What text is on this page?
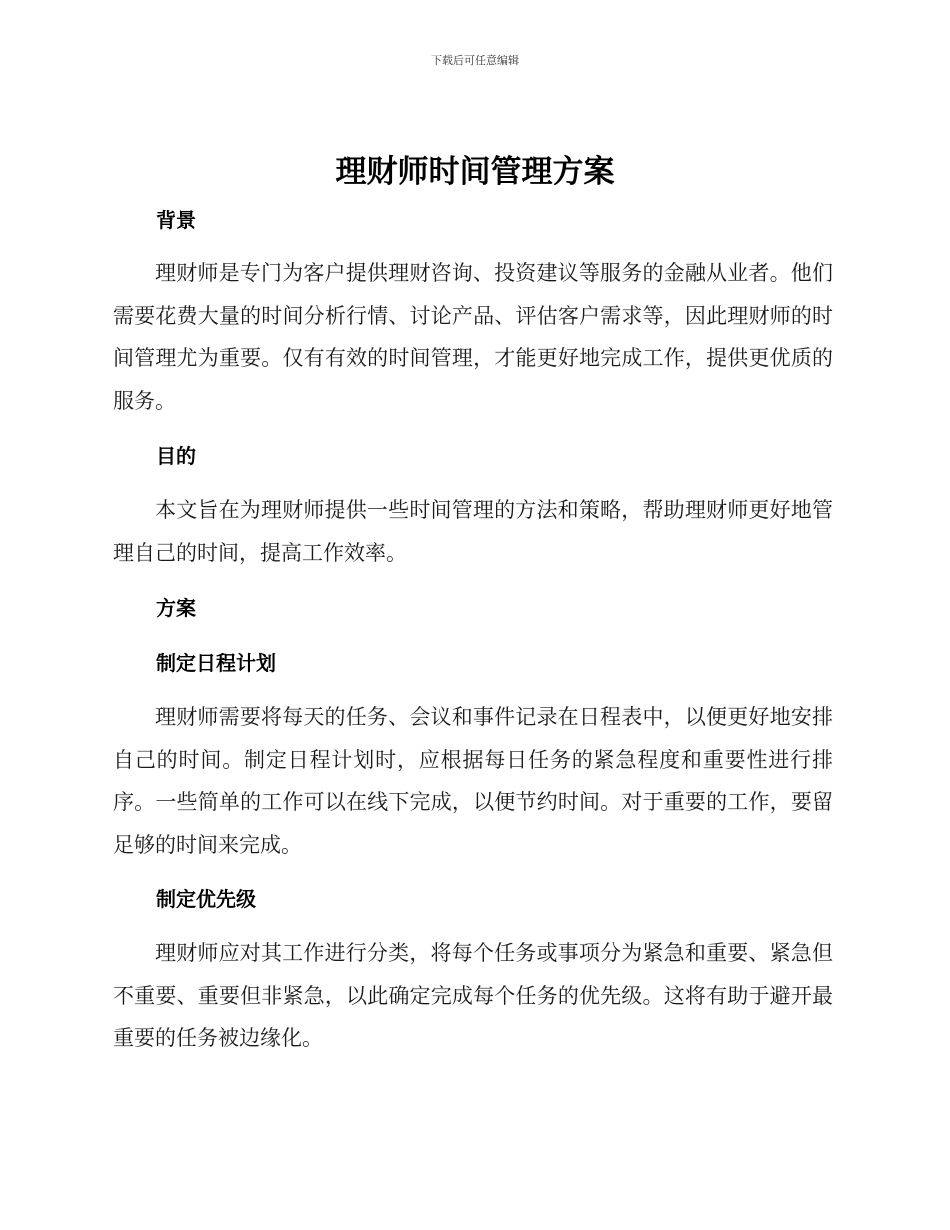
下载后可任意编辑
理财师时间管理方案
背景

理财师是专门为客户提供理财咨询、投资建议等服务的金融从业者。他们需要花费大量的时间分析行情、讨论产品、评估客户需求等，因此理财师的时间管理尤为重要。仅有有效的时间管理，才能更好地完成工作，提供更优质的服务。

目的

本文旨在为理财师提供一些时间管理的方法和策略，帮助理财师更好地管理自己的时间，提高工作效率。

方案
制定日程计划

理财师需要将每天的任务、会议和事件记录在日程表中，以便更好地安排自己的时间。制定日程计划时，应根据每日任务的紧急程度和重要性进行排序。一些简单的工作可以在线下完成，以便节约时间。对于重要的工作，要留足够的时间来完成。

制定优先级

理财师应对其工作进行分类，将每个任务或事项分为紧急和重要、紧急但不重要、重要但非紧急，以此确定完成每个任务的优先级。这将有助于避开最重要的任务被边缘化。
